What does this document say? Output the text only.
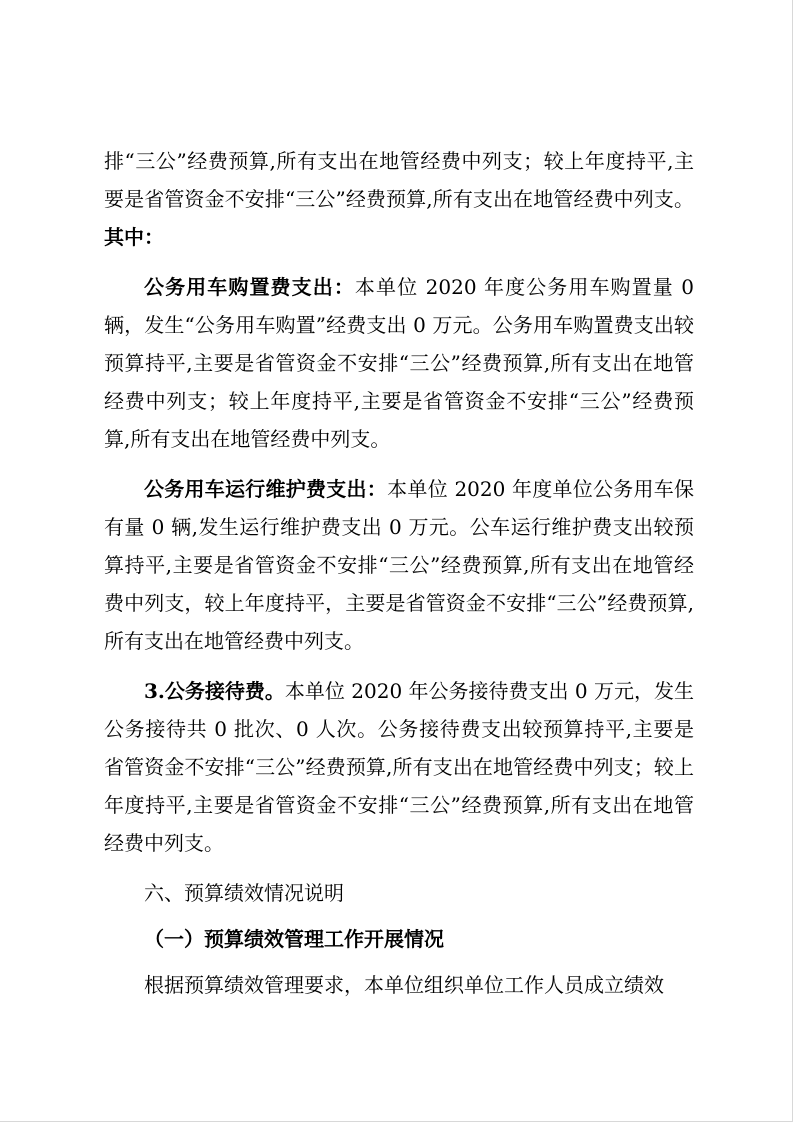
排“三公”经费预算,所有支出在地管经费中列支；较上年度持平,主要是省管资金不安排“三公”经费预算,所有支出在地管经费中列支。其中：

公务用车购置费支出：本单位 2020 年度公务用车购置量 0 辆，发生“公务用车购置”经费支出 0 万元。公务用车购置费支出较预算持平,主要是省管资金不安排“三公”经费预算,所有支出在地管经费中列支；较上年度持平,主要是省管资金不安排“三公”经费预算,所有支出在地管经费中列支。

公务用车运行维护费支出：本单位 2020 年度单位公务用车保有量 0 辆,发生运行维护费支出 0 万元。公车运行维护费支出较预算持平,主要是省管资金不安排“三公”经费预算,所有支出在地管经费中列支，较上年度持平，主要是省管资金不安排“三公”经费预算,所有支出在地管经费中列支。

3.公务接待费。本单位 2020 年公务接待费支出 0 万元，发生公务接待共 0 批次、0 人次。公务接待费支出较预算持平,主要是省管资金不安排“三公”经费预算,所有支出在地管经费中列支；较上年度持平,主要是省管资金不安排“三公”经费预算,所有支出在地管经费中列支。

六、预算绩效情况说明

（一）预算绩效管理工作开展情况

根据预算绩效管理要求，本单位组织单位工作人员成立绩效
